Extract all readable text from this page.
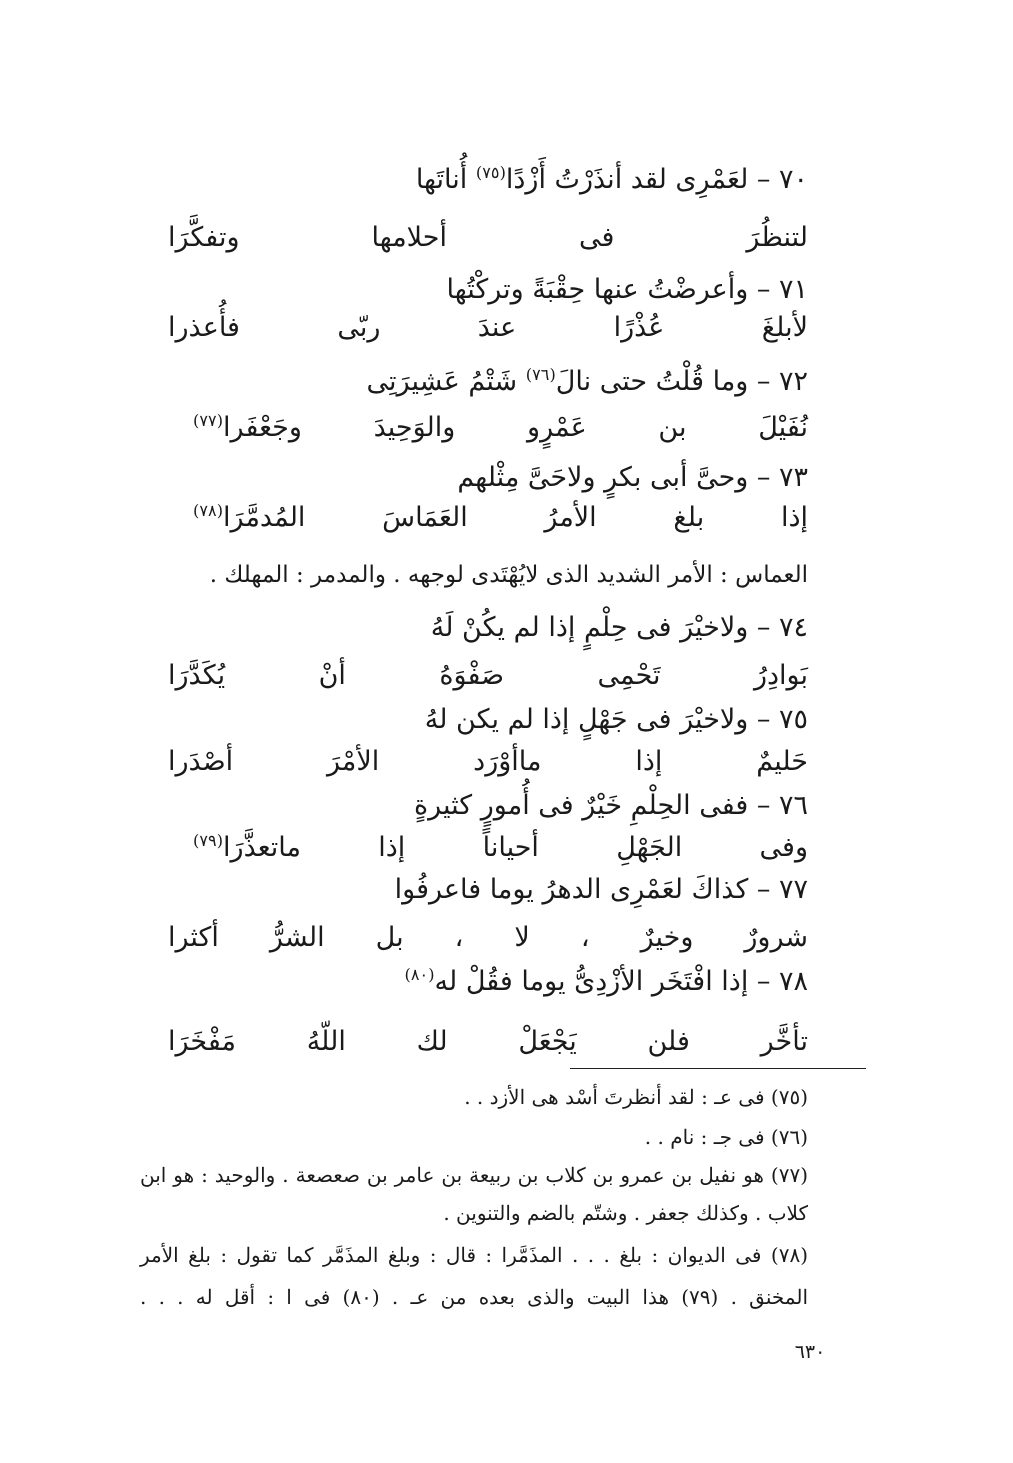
٧٠ – لعَمْرِى لقد أنذَرْتُ أَزْدًا$^{(٧٥)}$ أُناتَها
لتنظُرَ فى أحلامها وتفكَّرَا
٧١ – وأعرضْتُ عنها حِقْبَةً وتركْتُها
لأبلغَ عُذْرًا عندَ ربّى فأُعذرا
٧٢ – وما قُلْتُ حتى نالَ$^{(٧٦)}$ شَتْمُ عَشِيرَتِى
نُفَيْلَ بن عَمْرٍو والوَحِيدَ وجَعْفَرا$^{(٧٧)}$
٧٣ – وحىَّ أبى بكرٍ ولاحَىَّ مِثْلهم
إذا بلغ الأمرُ العَمَاسَ المُدمَّرَا$^{(٧٨)}$
العماس : الأمر الشديد الذى لايُهْتَدى لوجهه . والمدمر : المهلك .
٧٤ – ولاخيْرَ فى حِلْمٍ إذا لم يكُنْ لَهُ
بَوادِرُ تَحْمِى صَفْوَهُ أنْ يُكَدَّرَا
٧٥ – ولاخيْرَ فى جَهْلٍ إذا لم يكن لهُ
حَليمٌ إذا ماأوْرَد الأمْرَ أصْدَرا
٧٦ – ففى الحِلْمِ خَيْرٌ فى أُمورٍ كثيرةٍ
وفى الجَهْلِ أحياناً إذا ماتعذَّرَا$^{(٧٩)}$
٧٧ – كذاكَ لعَمْرِى الدهرُ يوما فاعرفُوا
شرورٌ وخيرٌ ، لا ، بل الشرُّ أكثرا
٧٨ – إذا افْتَخَر الأزْدِىُّ يوما فقُلْ له$^{(٨٠)}$
تأخَّر فلن يَجْعَلْ لك اللّهُ مَفْخَرَا
(٧٥) فى عـ : لقد أنظرتَ أسْد هى الأزد . .
(٧٦) فى جـ : نام . .
(٧٧) هو نفيل بن عمرو بن كلاب بن ربيعة بن عامر بن صعصعة . والوحيد : هو ابن
كلاب . وكذلك جعفر . وشتّم بالضم والتنوين .
(٧٨) فى الديوان : بلغ . . . المذَمَّرا : قال : وبلغ المذَمَّر كما تقول : بلغ الأمر
المخنق . (٧٩) هذا البيت والذى بعده من عـ . (٨٠) فى ا : أقل له . . .
٦٣٠
